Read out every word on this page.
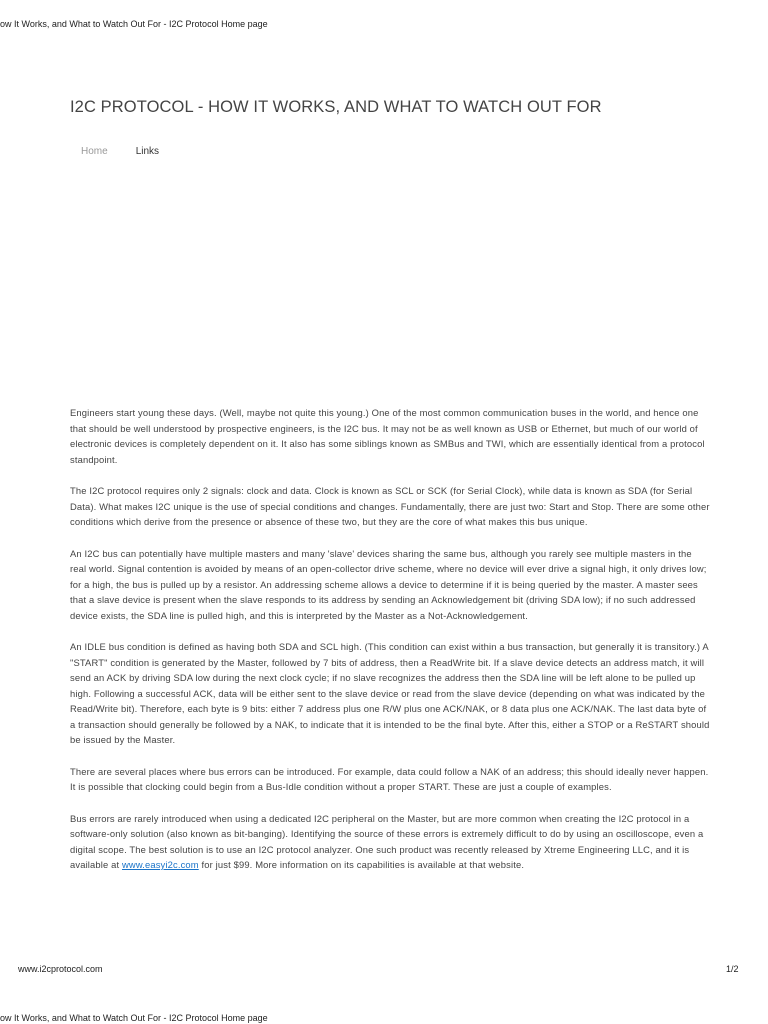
ow It Works, and What to Watch Out For - I2C Protocol Home page
I2C PROTOCOL - HOW IT WORKS, AND WHAT TO WATCH OUT FOR
Home	Links

Engineers start young these days. (Well, maybe not quite this young.) One of the most common communication buses in the world, and hence one that should be well understood by prospective engineers, is the I2C bus. It may not be as well known as USB or Ethernet, but much of our world of electronic devices is completely dependent on it. It also has some siblings known as SMBus and TWI, which are essentially identical from a protocol standpoint.

The I2C protocol requires only 2 signals: clock and data. Clock is known as SCL or SCK (for Serial Clock), while data is known as SDA (for Serial Data). What makes I2C unique is the use of special conditions and changes. Fundamentally, there are just two: Start and Stop. There are some other conditions which derive from the presence or absence of these two, but they are the core of what makes this bus unique.

An I2C bus can potentially have multiple masters and many 'slave' devices sharing the same bus, although you rarely see multiple masters in the real world. Signal contention is avoided by means of an open-collector drive scheme, where no device will ever drive a signal high, it only drives low; for a high, the bus is pulled up by a resistor. An addressing scheme allows a device to determine if it is being queried by the master. A master sees that a slave device is present when the slave responds to its address by sending an Acknowledgement bit (driving SDA low); if no such addressed device exists, the SDA line is pulled high, and this is interpreted by the Master as a Not-Acknowledgement.

An IDLE bus condition is defined as having both SDA and SCL high. (This condition can exist within a bus transaction, but generally it is transitory.) A "START" condition is generated by the Master, followed by 7 bits of address, then a ReadWrite bit. If a slave device detects an address match, it will send an ACK by driving SDA low during the next clock cycle; if no slave recognizes the address then the SDA line will be left alone to be pulled up high. Following a successful ACK, data will be either sent to the slave device or read from the slave device (depending on what was indicated by the Read/Write bit). Therefore, each byte is 9 bits: either 7 address plus one R/W plus one ACK/NAK, or 8 data plus one ACK/NAK. The last data byte of a transaction should generally be followed by a NAK, to indicate that it is intended to be the final byte. After this, either a STOP or a ReSTART should be issued by the Master.

There are several places where bus errors can be introduced. For example, data could follow a NAK of an address; this should ideally never happen. It is possible that clocking could begin from a Bus-Idle condition without a proper START. These are just a couple of examples.

Bus errors are rarely introduced when using a dedicated I2C peripheral on the Master, but are more common when creating the I2C protocol in a software-only solution (also known as bit-banging). Identifying the source of these errors is extremely difficult to do by using an oscilloscope, even a digital scope. The best solution is to use an I2C protocol analyzer. One such product was recently released by Xtreme Engineering LLC, and it is available at www.easyi2c.com for just $99. More information on its capabilities is available at that website.

www.i2cprotocol.com	1/2
ow It Works, and What to Watch Out For - I2C Protocol Home page
